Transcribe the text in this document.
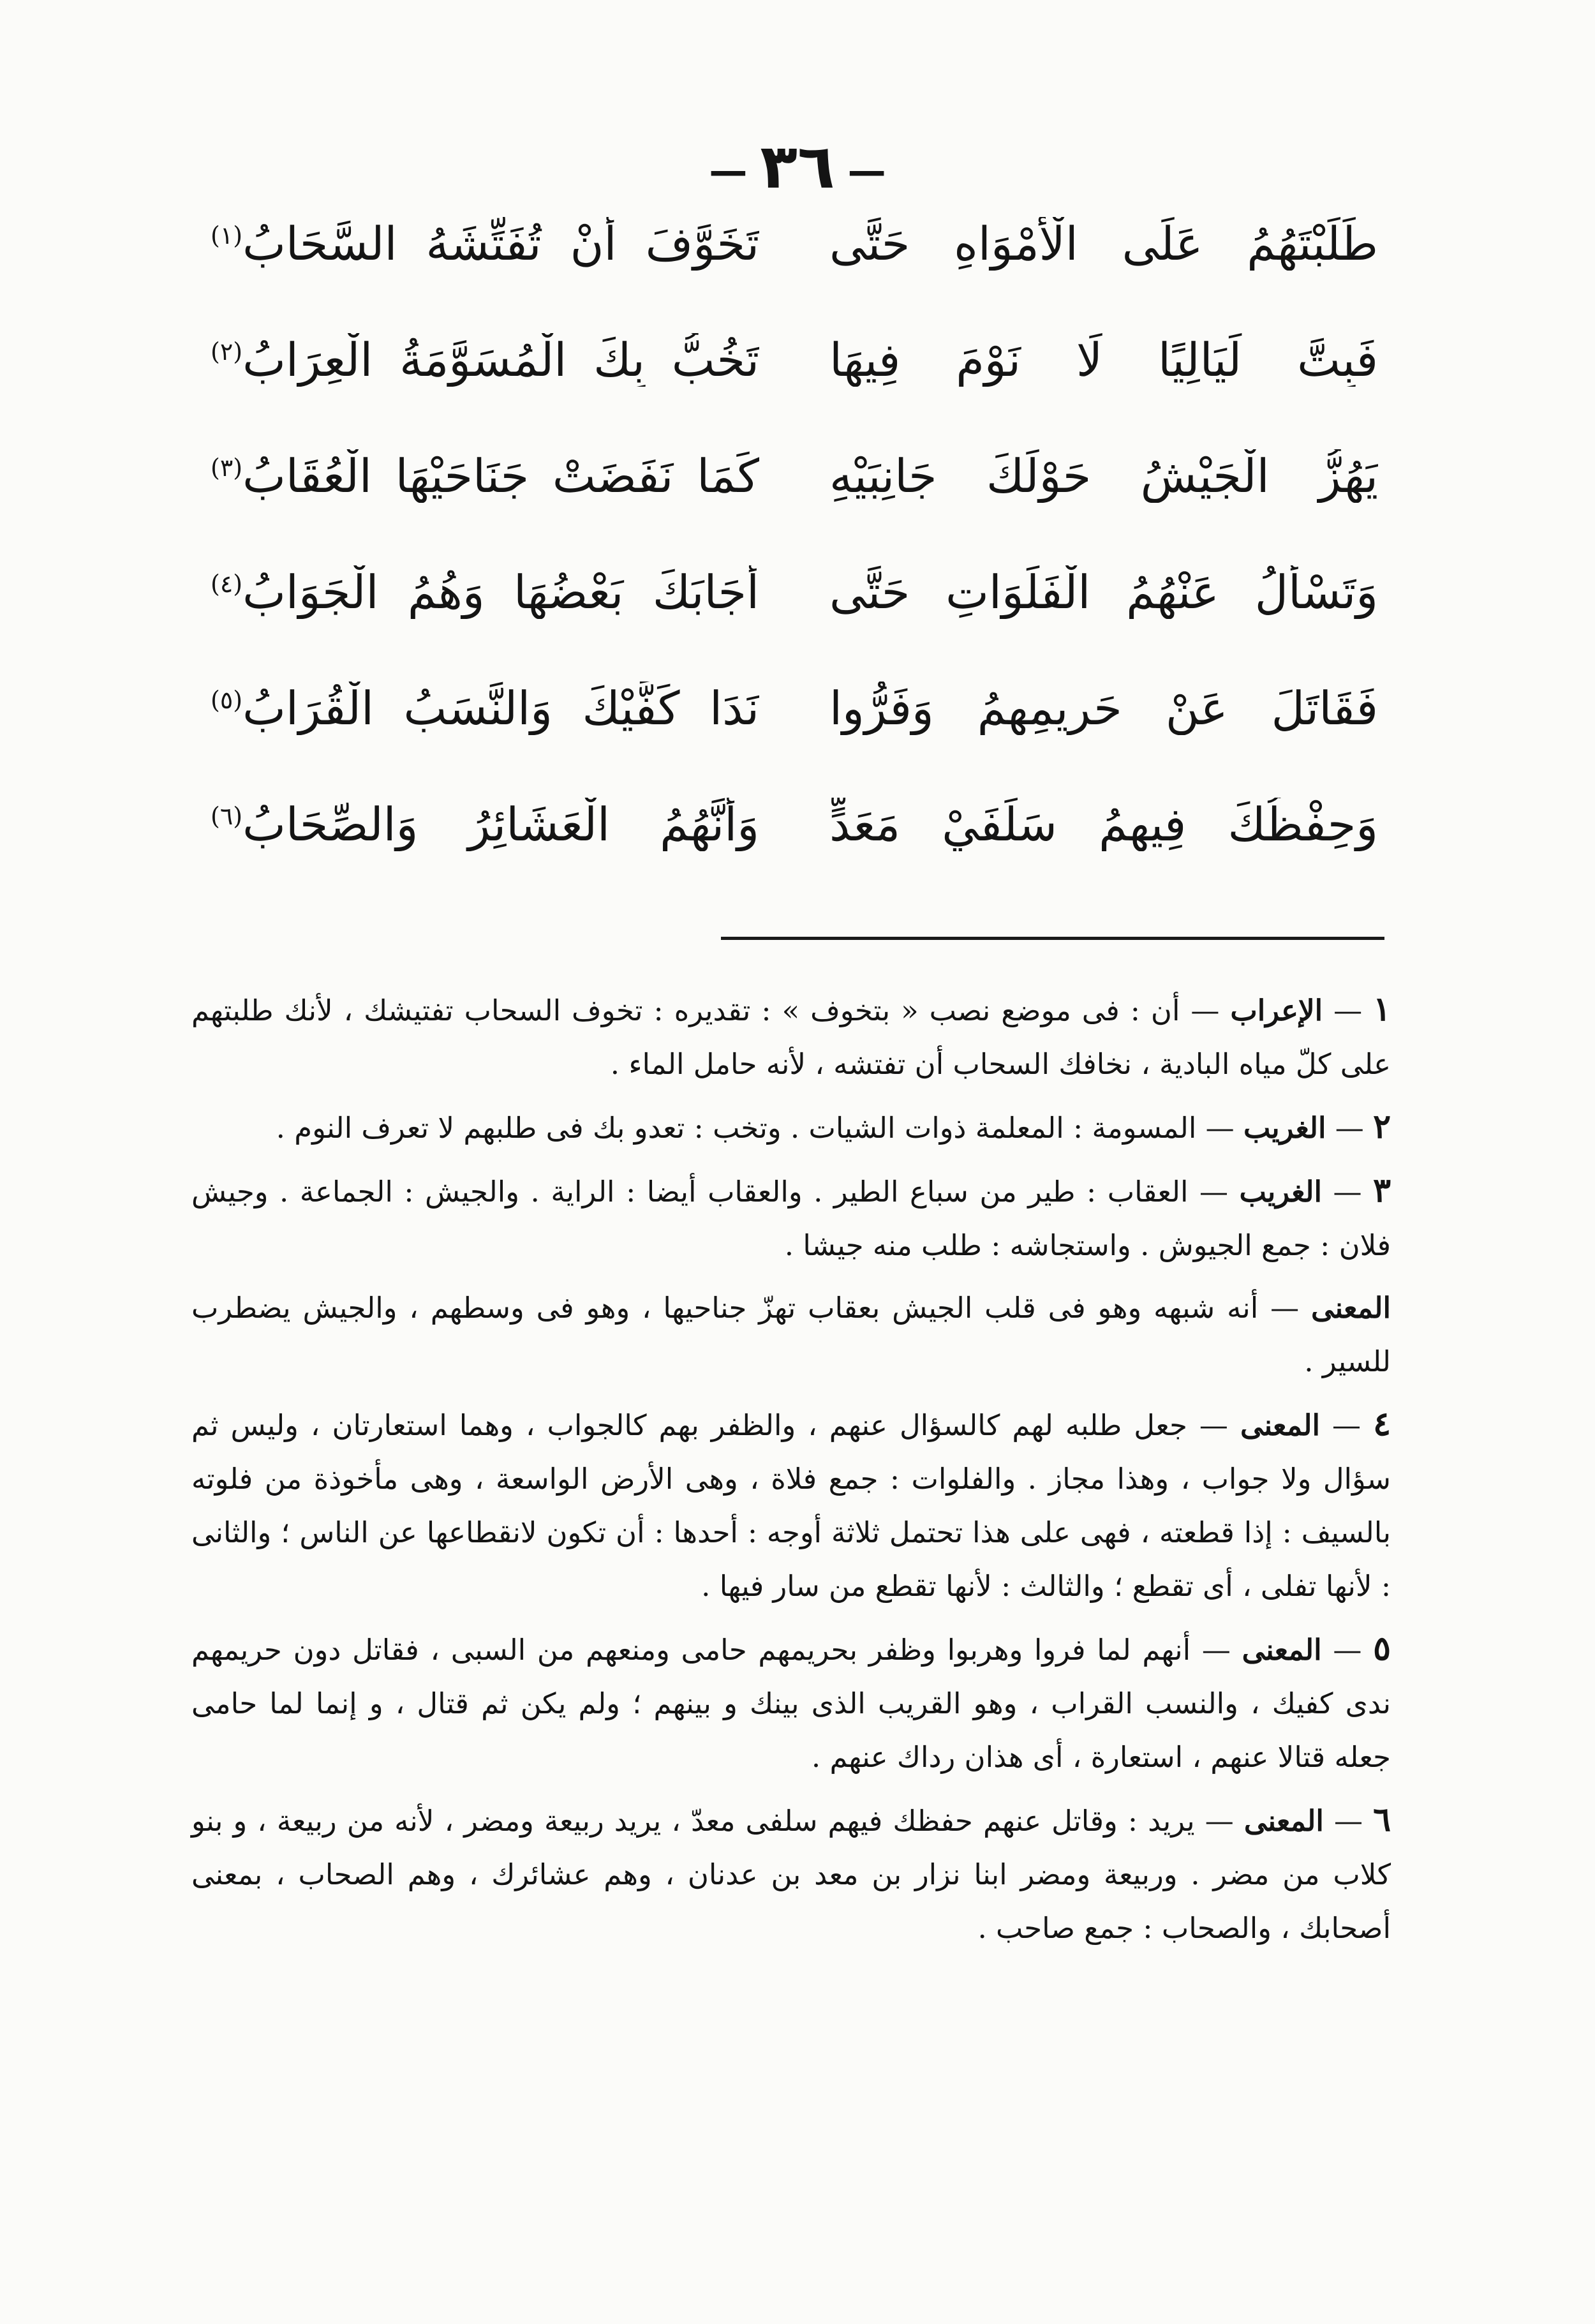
—٣٦—
طَلَبْتَهُمُ عَلَى الْأَمْوَاهِ حَتَّى
تَخَوَّفَ أَنْ تُفَتِّشَهُ السَّحَابُ$^{(١)}$
فَبِتَّ لَيَالِيًا لَا نَوْمَ فِيهَا
تَخُبُّ بِكَ الْمُسَوَّمَةُ الْعِرَابُ$^{(٢)}$
يَهُزُّ الْجَيْشُ حَوْلَكَ جَانِبَيْهِ
كَمَا نَفَضَتْ جَنَاحَيْهَا الْعُقَابُ$^{(٣)}$
وَتَسْأَلُ عَنْهُمُ الْفَلَوَاتِ حَتَّى
أَجَابَكَ بَعْضُهَا وَهُمُ الْجَوَابُ$^{(٤)}$
فَقَاتَلَ عَنْ حَرِيمِهِمُ وَفَرُّوا
نَدَا كَفَّيْكَ وَالنَّسَبُ الْقُرَابُ$^{(٥)}$
وَحِفْظُكَ فِيهِمُ سَلَفَيْ مَعَدٍّ
وَأَنَّهُمُ الْعَشَائِرُ وَالصِّحَابُ$^{(٦)}$

١ — الإعراب — أن : فى موضع نصب « بتخوف » : تقديره : تخوف السحاب تفتيشك ، لأنك طلبتهم على كلّ مياه البادية ، نخافك السحاب أن تفتشه ، لأنه حامل الماء .

٢ — الغريب — المسومة : المعلمة ذوات الشيات . وتخب : تعدو بك فى طلبهم لا تعرف النوم .

٣ — الغريب — العقاب : طير من سباع الطير . والعقاب أيضا : الراية . والجيش : الجماعة . وجيش فلان : جمع الجيوش . واستجاشه : طلب منه جيشا .

المعنى — أنه شبهه وهو فى قلب الجيش بعقاب تهزّ جناحيها ، وهو فى وسطهم ، والجيش يضطرب للسير .

٤ — المعنى — جعل طلبه لهم كالسؤال عنهم ، والظفر بهم كالجواب ، وهما استعارتان ، وليس ثم سؤال ولا جواب ، وهذا مجاز . والفلوات : جمع فلاة ، وهى الأرض الواسعة ، وهى مأخوذة من فلوته بالسيف : إذا قطعته ، فهى على هذا تحتمل ثلاثة أوجه : أحدها : أن تكون لانقطاعها عن الناس ؛ والثانى : لأنها تفلى ، أى تقطع ؛ والثالث : لأنها تقطع من سار فيها .

٥ — المعنى — أنهم لما فروا وهربوا وظفر بحريمهم حامى ومنعهم من السبى ، فقاتل دون حريمهم ندى كفيك ، والنسب القراب ، وهو القريب الذى بينك و بينهم ؛ ولم يكن ثم قتال ، و إنما لما حامى جعله قتالا عنهم ، استعارة ، أى هذان رداك عنهم .

٦ — المعنى — يريد : وقاتل عنهم حفظك فيهم سلفى معدّ ، يريد ربيعة ومضر ، لأنه من ربيعة ، و بنو كلاب من مضر . وربيعة ومضر ابنا نزار بن معد بن عدنان ، وهم عشائرك ، وهم الصحاب ، بمعنى أصحابك ، والصحاب : جمع صاحب .
